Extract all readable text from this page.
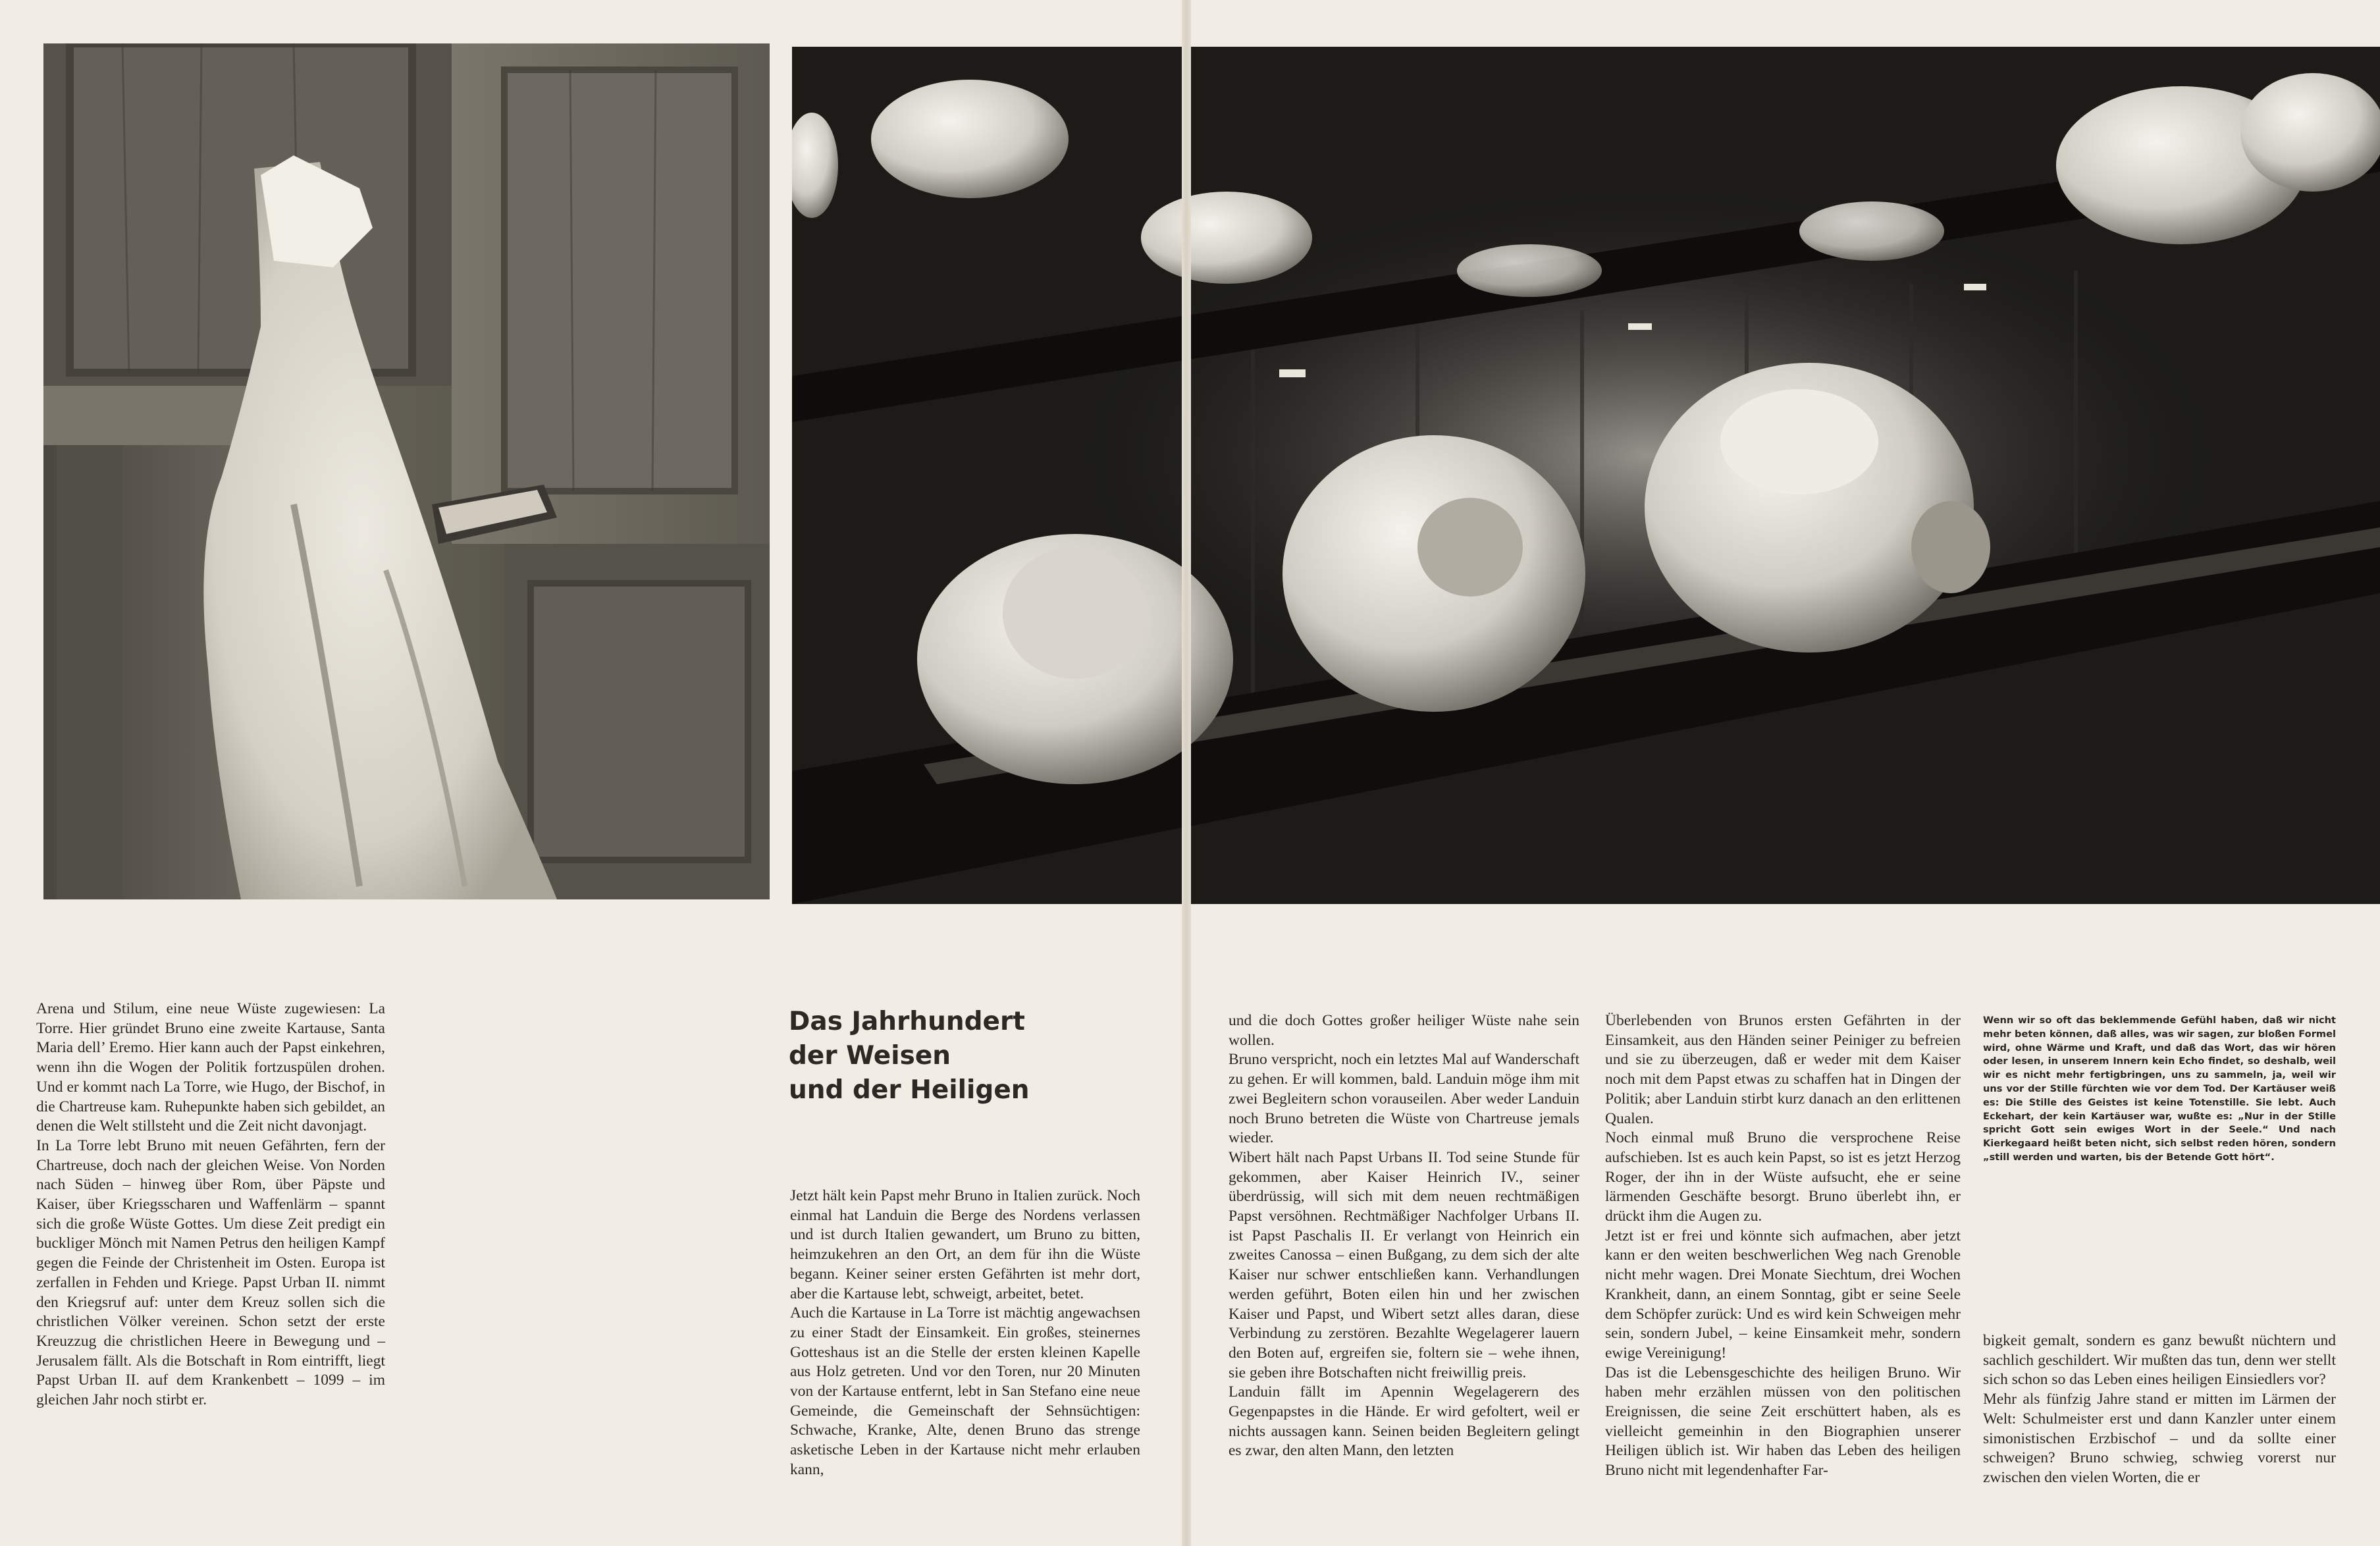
Arena und Stilum, eine neue Wüste zugewiesen: La Torre. Hier gründet Bruno eine zweite Kartause, Santa Maria dell’ Eremo. Hier kann auch der Papst einkehren, wenn ihn die Wogen der Politik fortzuspülen drohen. Und er kommt nach La Torre, wie Hugo, der Bischof, in die Chartreuse kam. Ruhepunkte haben sich gebildet, an denen die Welt stillsteht und die Zeit nicht davonjagt.

In La Torre lebt Bruno mit neuen Gefährten, fern der Chartreuse, doch nach der gleichen Weise. Von Norden nach Süden – hinweg über Rom, über Päpste und Kaiser, über Kriegsscharen und Waffenlärm – spannt sich die große Wüste Gottes. Um diese Zeit predigt ein buckliger Mönch mit Namen Petrus den heiligen Kampf gegen die Feinde der Christenheit im Osten. Europa ist zerfallen in Fehden und Kriege. Papst Urban II. nimmt den Kriegsruf auf: unter dem Kreuz sollen sich die christlichen Völker vereinen. Schon setzt der erste Kreuzzug die christlichen Heere in Bewegung und – Jerusalem fällt. Als die Botschaft in Rom eintrifft, liegt Papst Urban II. auf dem Krankenbett – 1099 – im gleichen Jahr noch stirbt er.

Das Jahrhundert
der Weisen
und der Heiligen

Jetzt hält kein Papst mehr Bruno in Italien zurück. Noch einmal hat Landuin die Berge des Nordens verlassen und ist durch Italien gewandert, um Bruno zu bitten, heimzukehren an den Ort, an dem für ihn die Wüste begann. Keiner seiner ersten Gefährten ist mehr dort, aber die Kartause lebt, schweigt, arbeitet, betet.

Auch die Kartause in La Torre ist mächtig angewachsen zu einer Stadt der Einsamkeit. Ein großes, steinernes Gotteshaus ist an die Stelle der ersten kleinen Kapelle aus Holz getreten. Und vor den Toren, nur 20 Minuten von der Kartause entfernt, lebt in San Stefano eine neue Gemeinde, die Gemeinschaft der Sehnsüchtigen: Schwache, Kranke, Alte, denen Bruno das strenge asketische Leben in der Kartause nicht mehr erlauben kann,

und die doch Gottes großer heiliger Wüste nahe sein wollen.

Bruno verspricht, noch ein letztes Mal auf Wanderschaft zu gehen. Er will kommen, bald. Landuin möge ihm mit zwei Begleitern schon vorauseilen. Aber weder Landuin noch Bruno betreten die Wüste von Chartreuse jemals wieder.

Wibert hält nach Papst Urbans II. Tod seine Stunde für gekommen, aber Kaiser Heinrich IV., seiner überdrüssig, will sich mit dem neuen rechtmäßigen Papst versöhnen. Rechtmäßiger Nachfolger Urbans II. ist Papst Paschalis II. Er verlangt von Heinrich ein zweites Canossa – einen Bußgang, zu dem sich der alte Kaiser nur schwer entschließen kann. Verhandlungen werden geführt, Boten eilen hin und her zwischen Kaiser und Papst, und Wibert setzt alles daran, diese Verbindung zu zerstören. Bezahlte Wegelagerer lauern den Boten auf, ergreifen sie, foltern sie – wehe ihnen, sie geben ihre Botschaften nicht freiwillig preis.

Landuin fällt im Apennin Wegelagerern des Gegenpapstes in die Hände. Er wird gefoltert, weil er nichts aussagen kann. Seinen beiden Begleitern gelingt es zwar, den alten Mann, den letzten

Überlebenden von Brunos ersten Gefährten in der Einsamkeit, aus den Händen seiner Peiniger zu befreien und sie zu überzeugen, daß er weder mit dem Kaiser noch mit dem Papst etwas zu schaffen hat in Dingen der Politik; aber Landuin stirbt kurz danach an den erlittenen Qualen.

Noch einmal muß Bruno die versprochene Reise aufschieben. Ist es auch kein Papst, so ist es jetzt Herzog Roger, der ihn in der Wüste aufsucht, ehe er seine lärmenden Geschäfte besorgt. Bruno überlebt ihn, er drückt ihm die Augen zu.

Jetzt ist er frei und könnte sich aufmachen, aber jetzt kann er den weiten beschwerlichen Weg nach Grenoble nicht mehr wagen. Drei Monate Siechtum, drei Wochen Krankheit, dann, an einem Sonntag, gibt er seine Seele dem Schöpfer zurück: Und es wird kein Schweigen mehr sein, sondern Jubel, – keine Einsamkeit mehr, sondern ewige Vereinigung!

Das ist die Lebensgeschichte des heiligen Bruno. Wir haben mehr erzählen müssen von den politischen Ereignissen, die seine Zeit erschüttert haben, als es vielleicht gemeinhin in den Biographien unserer Heiligen üblich ist. Wir haben das Leben des heiligen Bruno nicht mit legendenhafter Far-

Wenn wir so oft das beklemmende Gefühl haben, daß wir nicht mehr beten können, daß alles, was wir sagen, zur bloßen Formel wird, ohne Wärme und Kraft, und daß das Wort, das wir hören oder lesen, in unserem Innern kein Echo findet, so deshalb, weil wir es nicht mehr fertigbringen, uns zu sammeln, ja, weil wir uns vor der Stille fürchten wie vor dem Tod. Der Kartäuser weiß es: Die Stille des Geistes ist keine Totenstille. Sie lebt. Auch Eckehart, der kein Kartäuser war, wußte es: „Nur in der Stille spricht Gott sein ewiges Wort in der Seele.“ Und nach Kierkegaard heißt beten nicht, sich selbst reden hören, sondern „still werden und warten, bis der Betende Gott hört“.

bigkeit gemalt, sondern es ganz bewußt nüchtern und sachlich geschildert. Wir mußten das tun, denn wer stellt sich schon so das Leben eines heiligen Einsiedlers vor?

Mehr als fünfzig Jahre stand er mitten im Lärmen der Welt: Schulmeister erst und dann Kanzler unter einem simonistischen Erzbischof – und da sollte einer schweigen? Bruno schwieg, schwieg vorerst nur zwischen den vielen Worten, die er
